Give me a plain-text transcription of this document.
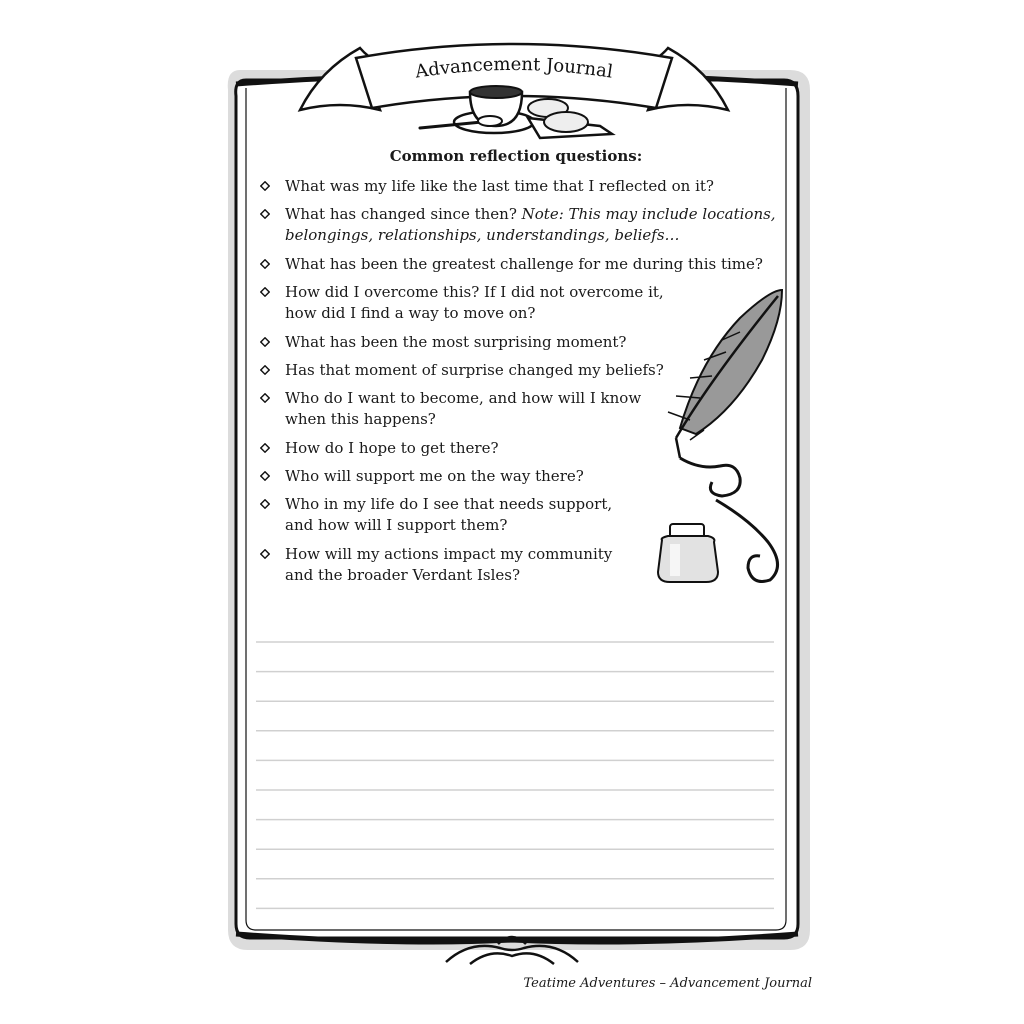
Advancement Journal
Common reflection questions:
What was my life like the last time that I reflected on it?
What has changed since then? Note: This may include locations,
belongings, relationships, understandings, beliefs…
What has been the greatest challenge for me during this time?
How did I overcome this? If I did not overcome it,
how did I find a way to move on?
What has been the most surprising moment?
Has that moment of surprise changed my beliefs?
Who do I want to become, and how will I know
when this happens?
How do I hope to get there?
Who will support me on the way there?
Who in my life do I see that needs support,
and how will I support them?
How will my actions impact my community
and the broader Verdant Isles?
Teatime Adventures – Advancement Journal
